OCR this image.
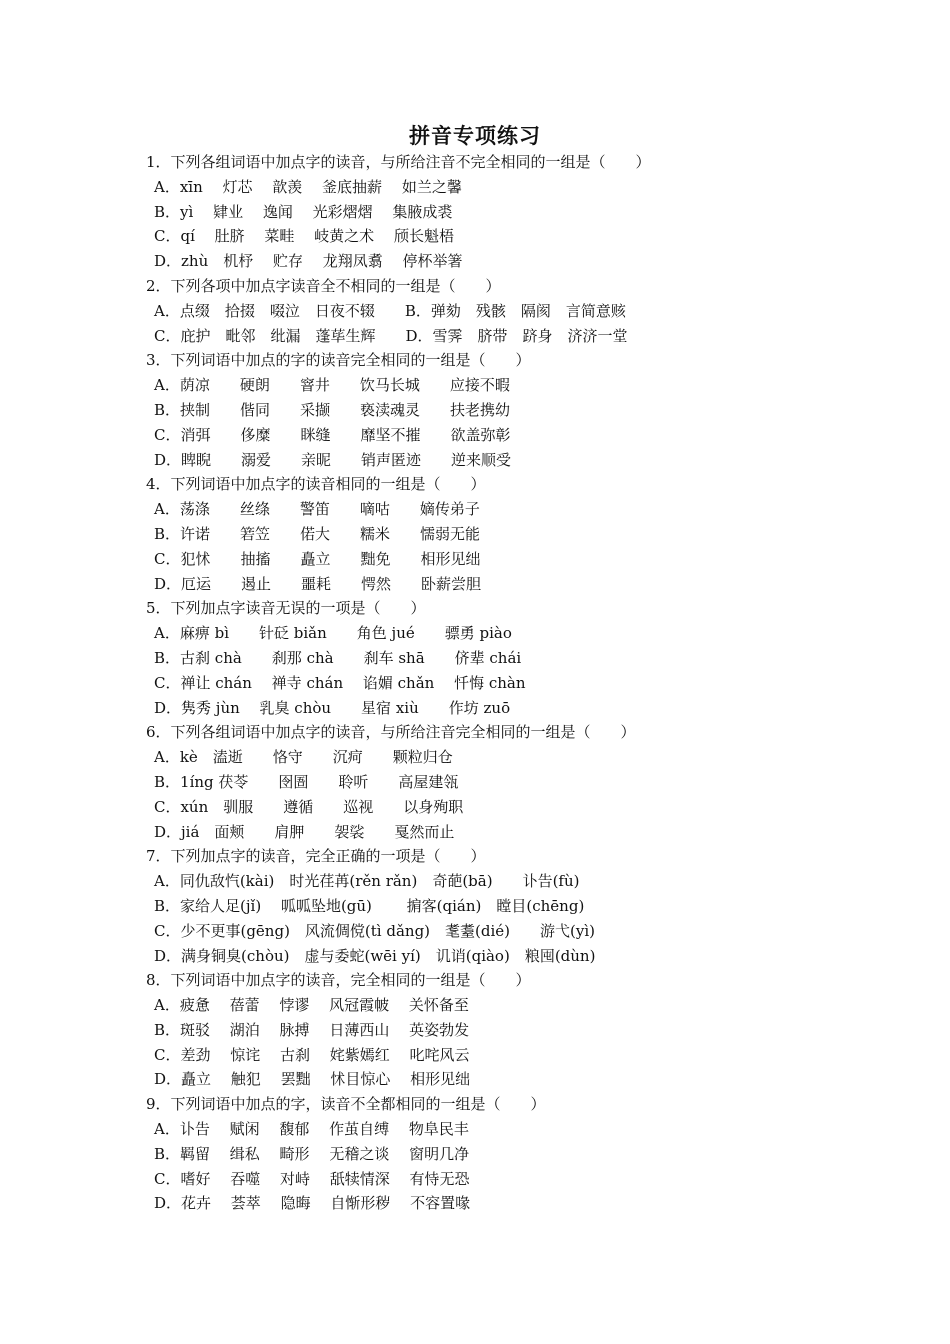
拼音专项练习
1．下列各组词语中加点字的读音，与所给注音不完全相同的一组是（　　）
A．xīn　 灯芯　 歆羡　 釜底抽薪　 如兰之馨
B．yì　 肄业　 逸闻　 光彩熠熠　 集腋成裘
C．qí　 肚脐　 菜畦　 岐黄之术　 颀长魁梧
D．zhù　机杼　 贮存　 龙翔凤翥　 停杯举箸
2．下列各项中加点字读音全不相同的一组是（　　）
A．点缀　拾掇　啜泣　日夜不辍　　B．弹劾　残骸　隔阂　言简意赅
C．庇护　毗邻　纰漏　蓬荜生辉　　D．雪霁　脐带　跻身　济济一堂
3．下列词语中加点的字的读音完全相同的一组是（　　）
A．荫凉　　硬朗　　窨井　　饮马长城　　应接不暇
B．挟制　　偕同　　采撷　　亵渎魂灵　　扶老携幼
C．消弭　　侈糜　　眯缝　　靡坚不摧　　欲盖弥彰
D．睥睨　　溺爱　　亲昵　　销声匿迹　　逆来顺受
4．下列词语中加点字的读音相同的一组是（　　）
A．荡涤　　丝绦　　警笛　　嘀咕　　嫡传弟子
B．许诺　　箬笠　　偌大　　糯米　　懦弱无能
C．犯怵　　抽搐　　矗立　　黜免　　相形见绌
D．厄运　　遏止　　噩耗　　愕然　　卧薪尝胆
5．下列加点字读音无误的一项是（　　）
A．麻痹 bì　　针砭 biǎn　　角色 jué　　骠勇 piào
B．古刹 chà　　刹那 chà　　刹车 shā　　侪辈 chái
C．禅让 chán　 禅寺 chán　 谄媚 chǎn　 忏悔 chàn
D．隽秀 jùn　 乳臭 chòu　　星宿 xiù　　作坊 zuō
6．下列各组词语中加点字的读音，与所给注音完全相同的一组是（　　）
A．kè　溘逝　　恪守　　沉疴　　颗粒归仓
B．1íng 茯苓　　囹圄　　聆听　　高屋建瓴
C．xún　驯服　　遵循　　巡视　　以身殉职
D．jiá　面颊　　肩胛　　袈裟　　戛然而止
7．下列加点字的读音，完全正确的一项是（　　）
A．同仇敌忾(kài)　时光荏苒(rěn rǎn)　奇葩(bā)　　讣告(fù)
B．家给人足(jǐ)　 呱呱坠地(gū)　　 掮客(qián)　瞠目(chēng)
C．少不更事(gēng)　风流倜傥(tì dǎng)　耄耋(dié)　　游弋(yì)
D．满身铜臭(chòu)　虚与委蛇(wēi yí)　讥诮(qiào)　粮囤(dùn)
8．下列词语中加点字的读音，完全相同的一组是（　　）
A．疲惫　 蓓蕾　 悖谬　 风冠霞帔　 关怀备至
B．斑驳　 湖泊　 脉搏　 日薄西山　 英姿勃发
C．差劲　 惊诧　 古刹　 姹紫嫣红　 叱咤风云
D．矗立　 触犯　 罢黜　 怵目惊心　 相形见绌
9．下列词语中加点的字，读音不全都相同的一组是（　　）
A．讣告　 赋闲　 馥郁　 作茧自缚　 物阜民丰
B．羁留　 缉私　 畸形　 无稽之谈　 窗明几净
C．嗜好　 吞噬　 对峙　 舐犊情深　 有恃无恐
D．花卉　 荟萃　 隐晦　 自惭形秽　 不容置喙
